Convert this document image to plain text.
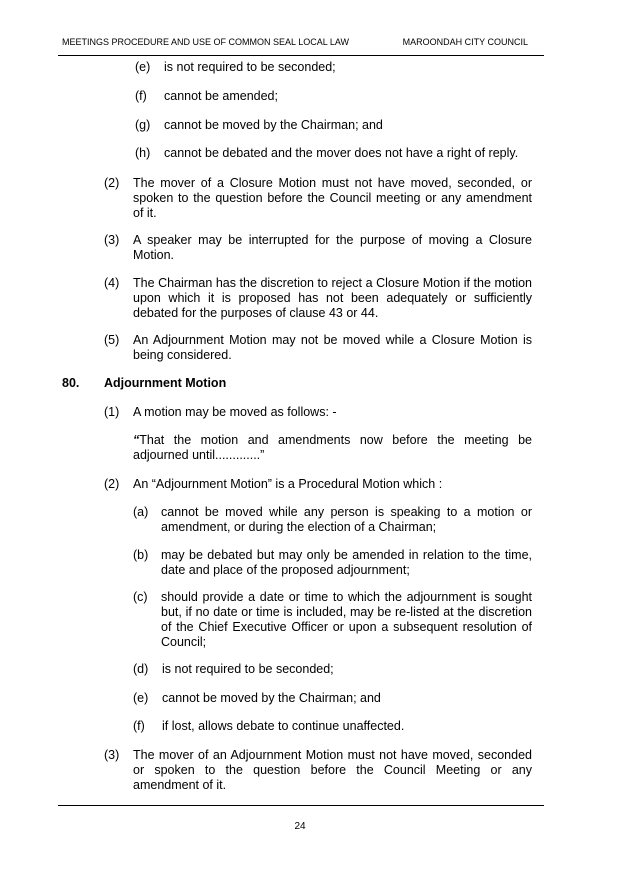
MEETINGS PROCEDURE AND USE OF COMMON SEAL LOCAL LAW	MAROONDAH CITY COUNCIL
(e) is not required to be seconded;
(f) cannot be amended;
(g) cannot be moved by the Chairman; and
(h) cannot be debated and the mover does not have a right of reply.
(2) The mover of a Closure Motion must not have moved, seconded, or spoken to the question before the Council meeting or any amendment of it.
(3) A speaker may be interrupted for the purpose of moving a Closure Motion.
(4) The Chairman has the discretion to reject a Closure Motion if the motion upon which it is proposed has not been adequately or sufficiently debated for the purposes of clause 43 or 44.
(5) An Adjournment Motion may not be moved while a Closure Motion is being considered.
80. Adjournment Motion
(1) A motion may be moved as follows: -
“That the motion and amendments now before the meeting be adjourned until.............”
(2) An “Adjournment Motion” is a Procedural Motion which :
(a) cannot be moved while any person is speaking to a motion or amendment, or during the election of a Chairman;
(b) may be debated but may only be amended in relation to the time, date and place of the proposed adjournment;
(c) should provide a date or time to which the adjournment is sought but, if no date or time is included, may be re-listed at the discretion of the Chief Executive Officer or upon a subsequent resolution of Council;
(d) is not required to be seconded;
(e) cannot be moved by the Chairman; and
(f) if lost, allows debate to continue unaffected.
(3) The mover of an Adjournment Motion must not have moved, seconded or spoken to the question before the Council Meeting or any amendment of it.
24
